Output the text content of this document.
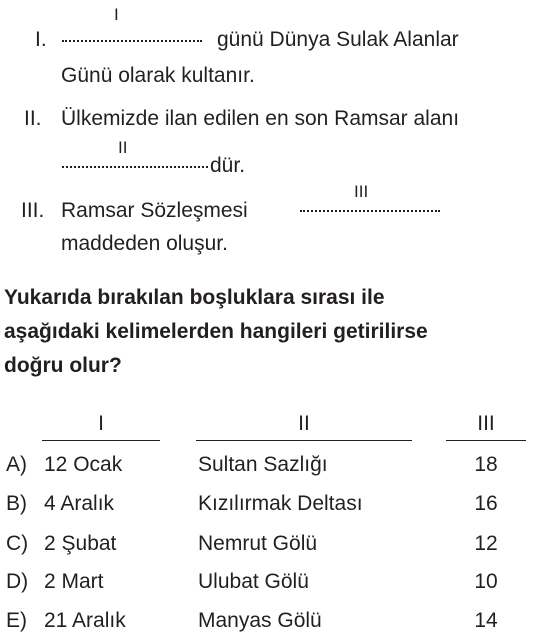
I
I.	günü Dünya Sulak Alanlar
Günü olarak kultanır.
II. Ülkemizde ilan edilen en son Ramsar alanı
II
dür.
III. Ramsar Sözleşmesi
III
maddeden oluşur.
Yukarıda bırakılan boşluklara sırası ile
aşağıdaki kelimelerden hangileri getirilirse
doğru olur?
I	II	III
A) 12 Ocak	Sultan Sazlığı	18
B) 4 Aralık	Kızılırmak Deltası	16
C) 2 Şubat	Nemrut Gölü	12
D) 2 Mart	Ulubat Gölü	10
E) 21 Aralık	Manyas Gölü	14
